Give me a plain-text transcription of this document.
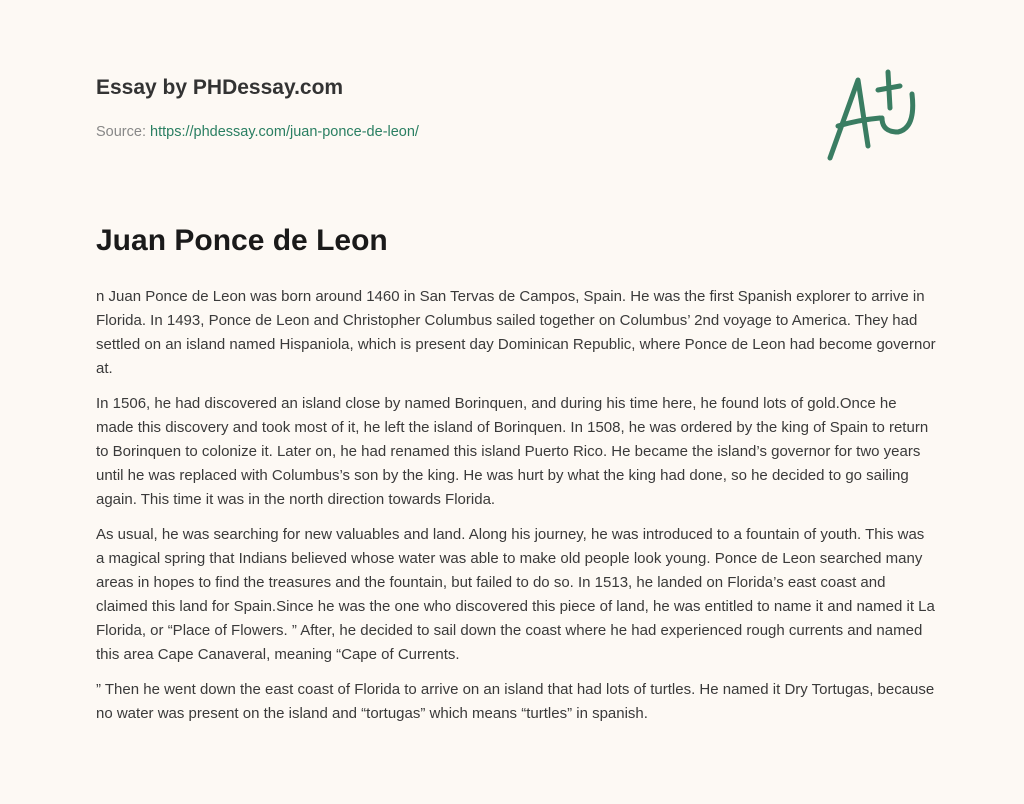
Essay by PHDessay.com
Source: https://phdessay.com/juan-ponce-de-leon/
Juan Ponce de Leon

n Juan Ponce de Leon was born around 1460 in San Tervas de Campos, Spain. He was the first Spanish explorer to arrive in Florida. In 1493, Ponce de Leon and Christopher Columbus sailed together on Columbus’ 2nd voyage to America. They had settled on an island named Hispaniola, which is present day Dominican Republic, where Ponce de Leon had become governor at.

In 1506, he had discovered an island close by named Borinquen, and during his time here, he found lots of gold.Once he made this discovery and took most of it, he left the island of Borinquen. In 1508, he was ordered by the king of Spain to return to Borinquen to colonize it. Later on, he had renamed this island Puerto Rico. He became the island’s governor for two years until he was replaced with Columbus’s son by the king. He was hurt by what the king had done, so he decided to go sailing again. This time it was in the north direction towards Florida.

As usual, he was searching for new valuables and land. Along his journey, he was introduced to a fountain of youth. This was a magical spring that Indians believed whose water was able to make old people look young. Ponce de Leon searched many areas in hopes to find the treasures and the fountain, but failed to do so. In 1513, he landed on Florida’s east coast and claimed this land for Spain.Since he was the one who discovered this piece of land, he was entitled to name it and named it La Florida, or “Place of Flowers. ” After, he decided to sail down the coast where he had experienced rough currents and named this area Cape Canaveral, meaning “Cape of Currents.

” Then he went down the east coast of Florida to arrive on an island that had lots of turtles. He named it Dry Tortugas, because no water was present on the island and “tortugas” which means “turtles” in spanish.
